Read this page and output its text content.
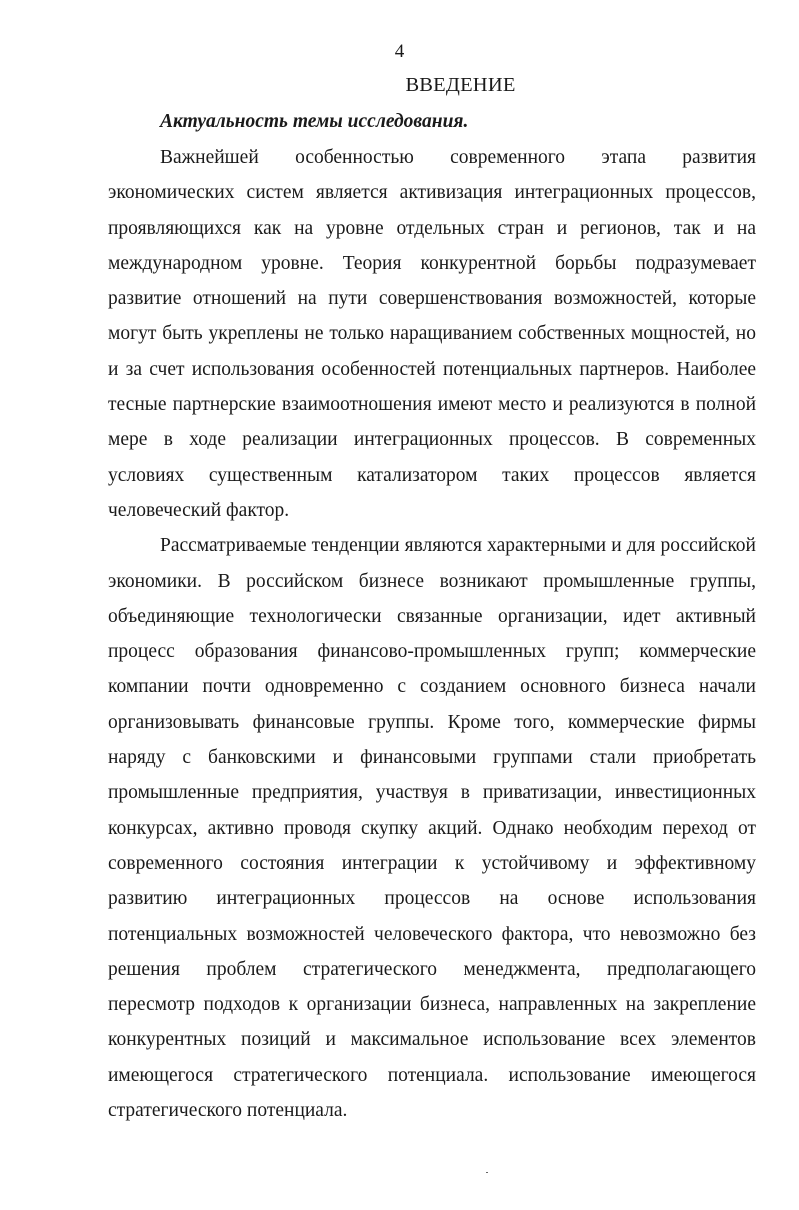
4
ВВЕДЕНИЕ
Актуальность темы исследования.

Важнейшей особенностью современного этапа развития экономических систем является активизация интеграционных процессов, проявляющихся как на уровне отдельных стран и регионов, так и на международном уровне. Теория конкурентной борьбы подразумевает развитие отношений на пути совершенствования возможностей, которые могут быть укреплены не только наращиванием собственных мощностей, но и за счет использования особенностей потенциальных партнеров. Наиболее тесные партнерские взаимоотношения имеют место и реализуются в полной мере в ходе реализации интеграционных процессов. В современных условиях существенным катализатором таких процессов является человеческий фактор.

Рассматриваемые тенденции являются характерными и для российской экономики. В российском бизнесе возникают промышленные группы, объединяющие технологически связанные организации, идет активный процесс образования финансово-промышленных групп; коммерческие компании почти одновременно с созданием основного бизнеса начали организовывать финансовые группы. Кроме того, коммерческие фирмы наряду с банковскими и финансовыми группами стали приобретать промышленные предприятия, участвуя в приватизации, инвестиционных конкурсах, активно проводя скупку акций. Однако необходим переход от современного состояния интеграции к устойчивому и эффективному развитию интеграционных процессов на основе использования потенциальных возможностей человеческого фактора, что невозможно без решения проблем стратегического менеджмента, предполагающего пересмотр подходов к организации бизнеса, направленных на закрепление конкурентных позиций и максимальное использование всех элементов имеющегося стратегического потенциала. использование имеющегося стратегического потенциала.
